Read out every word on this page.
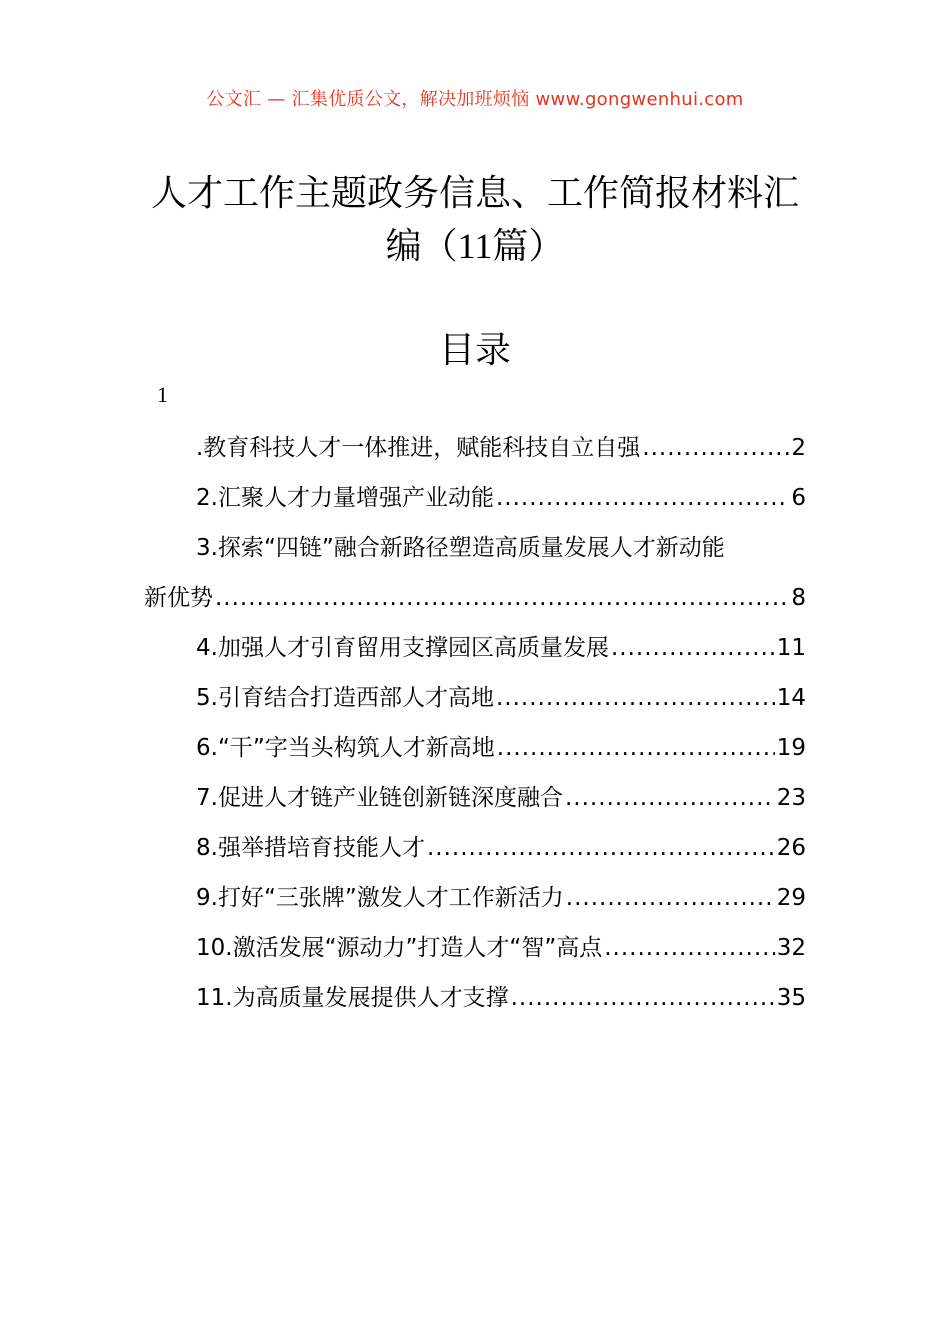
公文汇 — 汇集优质公文，解决加班烦恼 www.gongwenhui.com
人才工作主题政务信息、工作简报材料汇
编（11篇）
目录
1
.教育科技人才一体推进，赋能科技自立自强 .....	2
2.汇聚人才力量增强产业动能 .....	6
3.探索“四链”融合新路径塑造高质量发展人才新动能
新优势 .....	8
4.加强人才引育留用支撑园区高质量发展 .....	11
5.引育结合打造西部人才高地 .....	14
6.“干”字当头构筑人才新高地 .....	19
7.促进人才链产业链创新链深度融合 .....	23
8.强举措培育技能人才 .....	26
9.打好“三张牌”激发人才工作新活力 .....	29
10.激活发展“源动力”打造人才“智”高点 .....	32
11.为高质量发展提供人才支撑 .....	35
